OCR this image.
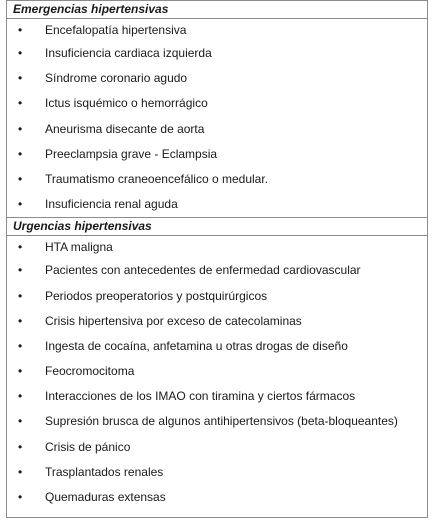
Emergencias hipertensivas
• Encefalopatía hipertensiva
• Insuficiencia cardiaca izquierda
• Síndrome coronario agudo
• Ictus isquémico o hemorrágico
• Aneurisma disecante de aorta
• Preeclampsia grave - Eclampsia
• Traumatismo craneoencefálico o medular.
• Insuficiencia renal aguda
Urgencias hipertensivas
• HTA maligna
• Pacientes con antecedentes de enfermedad cardiovascular
• Periodos preoperatorios y postquirúrgicos
• Crisis hipertensiva por exceso de catecolaminas
• Ingesta de cocaína, anfetamina u otras drogas de diseño
• Feocromocitoma
• Interacciones de los IMAO con tiramina y ciertos fármacos
• Supresión brusca de algunos antihipertensivos (beta-bloqueantes)
• Crisis de pánico
• Trasplantados renales
• Quemaduras extensas
